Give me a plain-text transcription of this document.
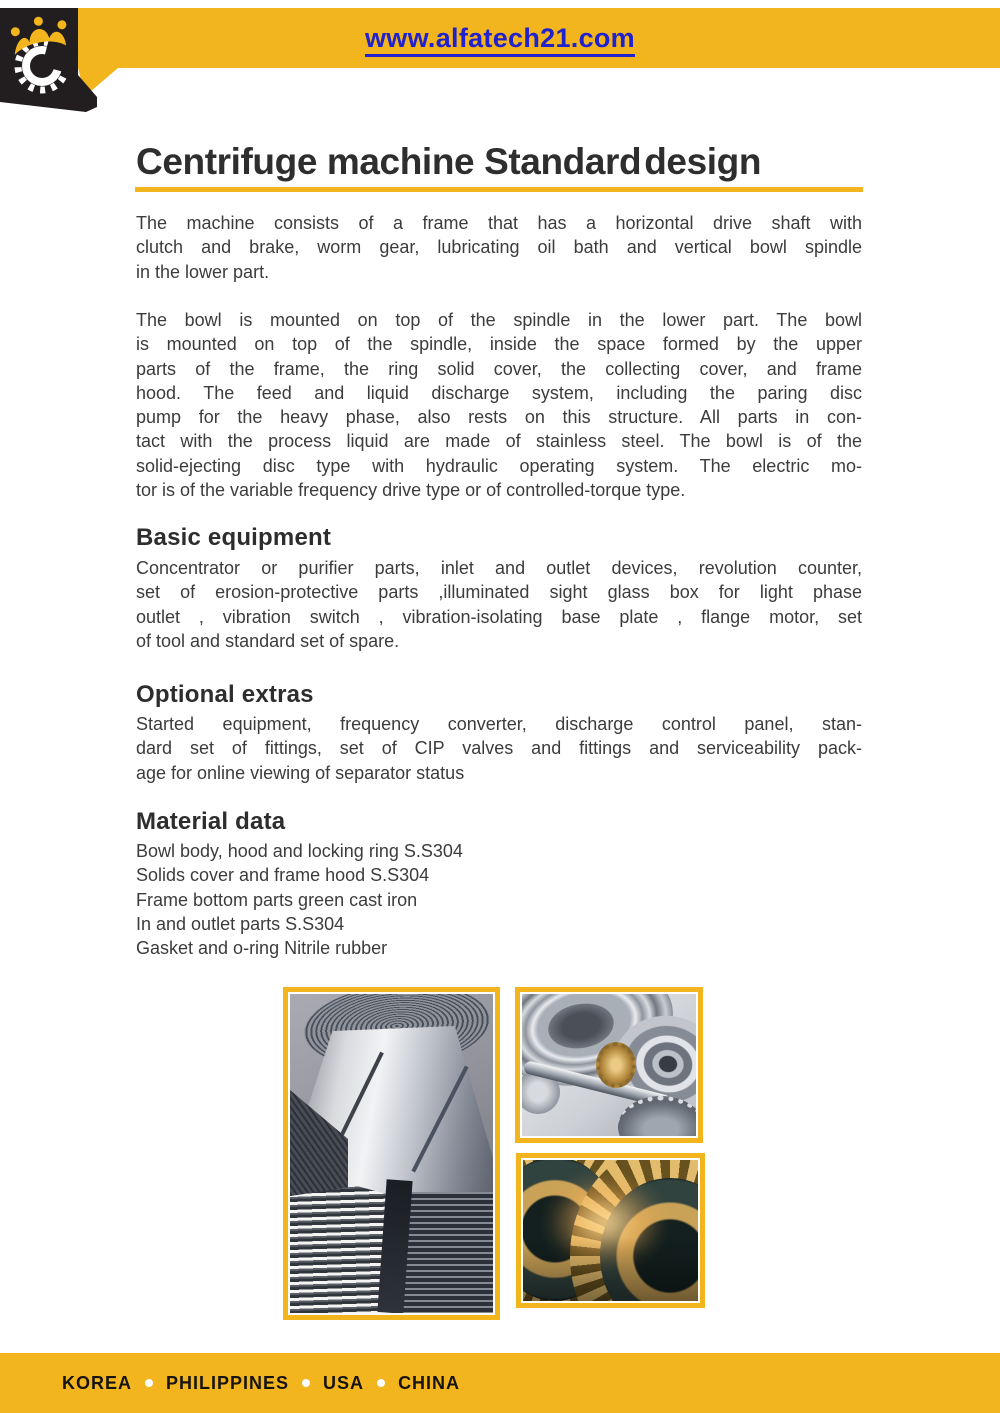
www.alfatech21.com
Centrifuge machine Standarddesign
The machine consists of a frame that has a horizontal drive shaft with
clutch and brake, worm gear, lubricating oil bath and vertical bowl spindle
in the lower part.
The bowl is mounted on top of the spindle in the lower part. The bowl
is mounted on top of the spindle, inside the space formed by the upper
parts of the frame, the ring solid cover, the collecting cover, and frame
hood. The feed and liquid discharge system, including the paring disc
pump for the heavy phase, also rests on this structure. All parts in con-
tact with the process liquid are made of stainless steel. The bowl is of the
solid-ejecting disc type with hydraulic operating system. The electric mo-
tor is of the variable frequency drive type or of controlled-torque type.
Basic equipment
Concentrator or purifier parts, inlet and outlet devices, revolution counter,
set of erosion-protective parts ,illuminated sight glass box for light phase
outlet , vibration switch , vibration-isolating base plate , flange motor, set
of tool and standard set of spare.
Optional extras
Started equipment, frequency converter, discharge control panel, stan-
dard set of fittings, set of CIP valves and fittings and serviceability pack-
age for online viewing of separator status
Material data
Bowl body, hood and locking ring S.S304
Solids cover and frame hood S.S304
Frame bottom parts green cast iron
In and outlet parts S.S304
Gasket and o-ring Nitrile rubber
KOREA PHILIPPINES USA CHINA
